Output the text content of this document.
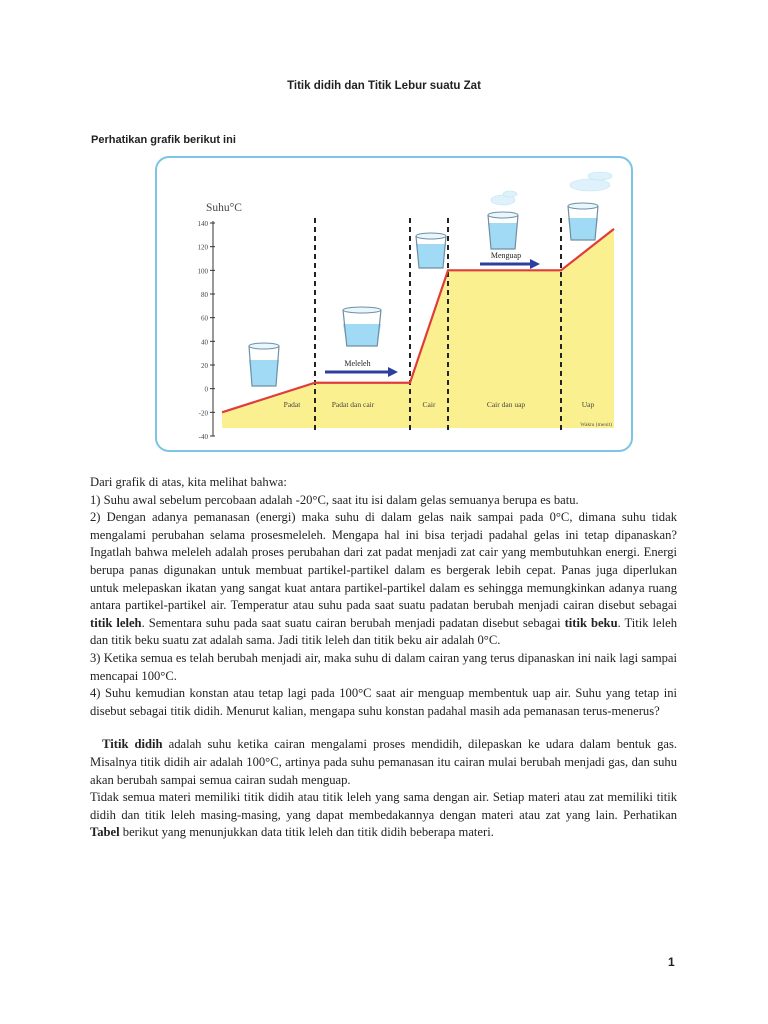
Titik didih dan Titik Lebur suatu Zat
Perhatikan grafik berikut ini
140
120
100
80
60
40
20
0
-20
-40
Suhu°C
Padat	Padat dan cair	Cair	Cair dan uap	Uap
Waktu (menit)
Meleleh
Menguap

Dari grafik di atas, kita melihat bahwa:

1) Suhu awal sebelum percobaan adalah -20°C, saat itu isi dalam gelas semuanya berupa es batu.

2) Dengan adanya pemanasan (energi) maka suhu di dalam gelas naik sampai pada 0°C, dimana suhu tidak mengalami perubahan selama prosesmeleleh. Mengapa hal ini bisa terjadi padahal gelas ini tetap dipanaskan? Ingatlah bahwa meleleh adalah proses perubahan dari zat padat menjadi zat cair yang membutuhkan energi. Energi berupa panas digunakan untuk membuat partikel-partikel dalam es bergerak lebih cepat. Panas juga diperlukan untuk melepaskan ikatan yang sangat kuat antara partikel-partikel dalam es sehingga memungkinkan adanya ruang antara partikel-partikel air. Temperatur atau suhu pada saat suatu padatan berubah menjadi cairan disebut sebagai titik leleh. Sementara suhu pada saat suatu cairan berubah menjadi padatan disebut sebagai titik beku. Titik leleh dan titik beku suatu zat adalah sama. Jadi titik leleh dan titik beku air adalah 0°C.

3) Ketika semua es telah berubah menjadi air, maka suhu di dalam cairan yang terus dipanaskan ini naik lagi sampai mencapai 100°C.

4) Suhu kemudian konstan atau tetap lagi pada 100°C saat air menguap membentuk uap air. Suhu yang tetap ini disebut sebagai titik didih. Menurut kalian, mengapa suhu konstan padahal masih ada pemanasan terus-menerus?

Titik didih adalah suhu ketika cairan mengalami proses mendidih, dilepaskan ke udara dalam bentuk gas. Misalnya titik didih air adalah 100°C, artinya pada suhu pemanasan itu cairan mulai berubah menjadi gas, dan suhu akan berubah sampai semua cairan sudah menguap.

Tidak semua materi memiliki titik didih atau titik leleh yang sama dengan air. Setiap materi atau zat memiliki titik didih dan titik leleh masing-masing, yang dapat membedakannya dengan materi atau zat yang lain. Perhatikan Tabel berikut yang menunjukkan data titik leleh dan titik didih beberapa materi.

1
